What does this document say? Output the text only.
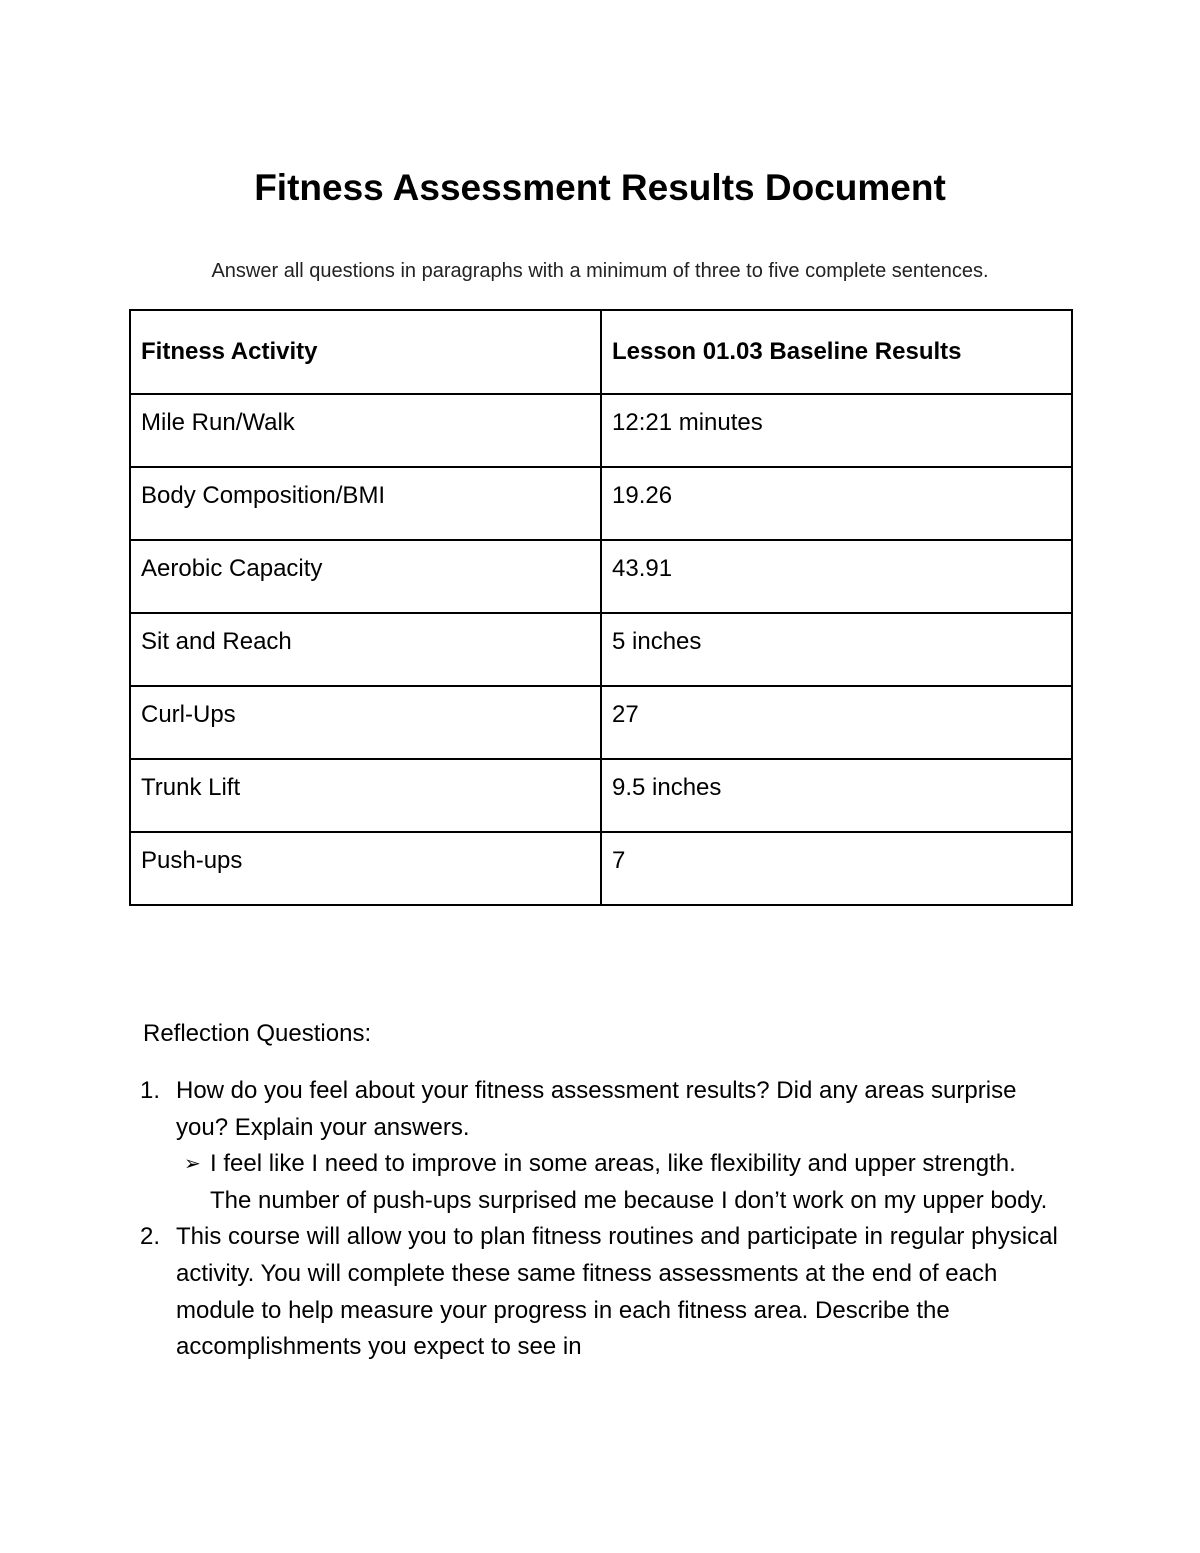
Fitness Assessment Results Document
Answer all questions in paragraphs with a minimum of three to five complete sentences.
Fitness Activity	Lesson 01.03 Baseline Results
Mile Run/Walk	12:21 minutes
Body Composition/BMI	19.26
Aerobic Capacity	43.91
Sit and Reach	5 inches
Curl-Ups	27
Trunk Lift	9.5 inches
Push-ups	7
Reflection Questions:
1. How do you feel about your fitness assessment results? Did any areas surprise you? Explain your answers.
➢ I feel like I need to improve in some areas, like flexibility and upper strength. The number of push-ups surprised me because I don’t work on my upper body.
2. This course will allow you to plan fitness routines and participate in regular physical activity. You will complete these same fitness assessments at the end of each module to help measure your progress in each fitness area. Describe the accomplishments you expect to see in
